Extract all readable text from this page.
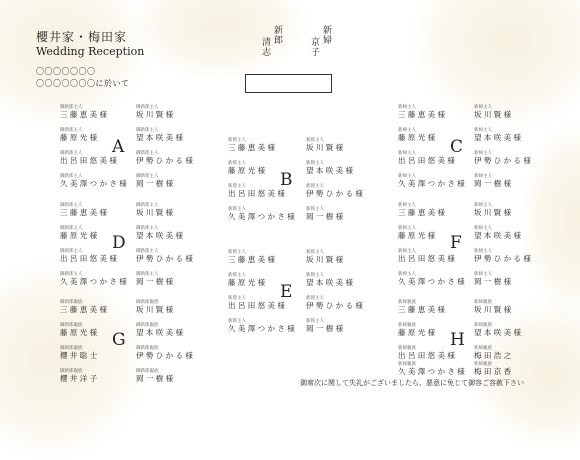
櫻井家・梅田家
Wedding Reception
〇〇〇〇〇〇〇
〇〇〇〇〇〇〇に於いて
新郎
清志
新婦
京子
A
B
C
D
E
F
G	H
御新郎主人
三 藤 恵 美 様
御新郎主人
坂 川 賢 様
御新郎主人
藤 原 光 様
御新郎主人
望 本 咲 美 様
御新郎主人
出 呂 田 悠 美 様
御新郎主人
伊 勢 ひ か る 様
御新郎主人
久 美 澤 つ か さ 様
御新郎主人
岡 一 樹 様
新郎主人
三 藤 恵 美 様
新郎主人
坂 川 賢 様
新郎主人
藤 原 光 様
新郎主人
望 本 咲 美 様
新郎主人
出 呂 田 悠 美 様
新郎主人
伊 勢 ひ か る 様
新郎主人
久 美 澤 つ か さ 様
新郎主人
岡 一 樹 様
新婦主人
三 藤 恵 美 様
新婦主人
坂 川 賢 様
新婦主人
藤 原 光 様
新婦主人
望 本 咲 美 様
新婦主人
出 呂 田 悠 美 様
新婦主人
伊 勢 ひ か る 様
新婦主人
久 美 澤 つ か さ 様
新婦主人
岡 一 樹 様
御新郎主人
三 藤 恵 美 様
御新郎主人
坂 川 賢 様
御新郎主人
藤 原 光 様
御新郎主人
望 本 咲 美 様
御新郎主人
出 呂 田 悠 美 様
御新郎主人
伊 勢 ひ か る 様
御新郎主人
久 美 澤 つ か さ 様
御新郎主人
岡 一 樹 様
新郎主人
三 藤 恵 美 様
新郎主人
坂 川 賢 様
新郎主人
藤 原 光 様
新郎主人
望 本 咲 美 様
新郎主人
出 呂 田 悠 美 様
新郎主人
伊 勢 ひ か る 様
新郎主人
久 美 澤 つ か さ 様
新郎主人
岡 一 樹 様
新婦主人
三 藤 恵 美 様
新婦主人
坂 川 賢 様
新婦主人
藤 原 光 様
新婦主人
望 本 咲 美 様
新婦主人
出 呂 田 悠 美 様
新婦主人
伊 勢 ひ か る 様
新婦主人
久 美 澤 つ か さ 様
新婦主人
岡 一 樹 様
御新郎親族
三 藤 恵 美 様
御新郎親族
坂 川 賢 様
御新郎親族
藤 原 光 様
御新郎親族
望 本 咲 美 様
御新郎親族
櫻 井 聡 士
御新郎親族
伊 勢 ひ か る 様
御新郎親族
櫻 井 洋 子
御新郎親族
岡 一 樹 様
新婦親族
三 藤 恵 美 様
新婦親族
坂 川 賢 様
新婦親族
藤 原 光 様
新婦親族
望 本 咲 美 様
新婦親族
出 呂 田 悠 美 様
新婦親族
梅 田 浩 之
新婦親族
久 美 澤 つ か さ 様
新婦親族
梅 田 京 香
御席次に関して失礼がございましたら、悪意に免じて御容ご容赦下さい
